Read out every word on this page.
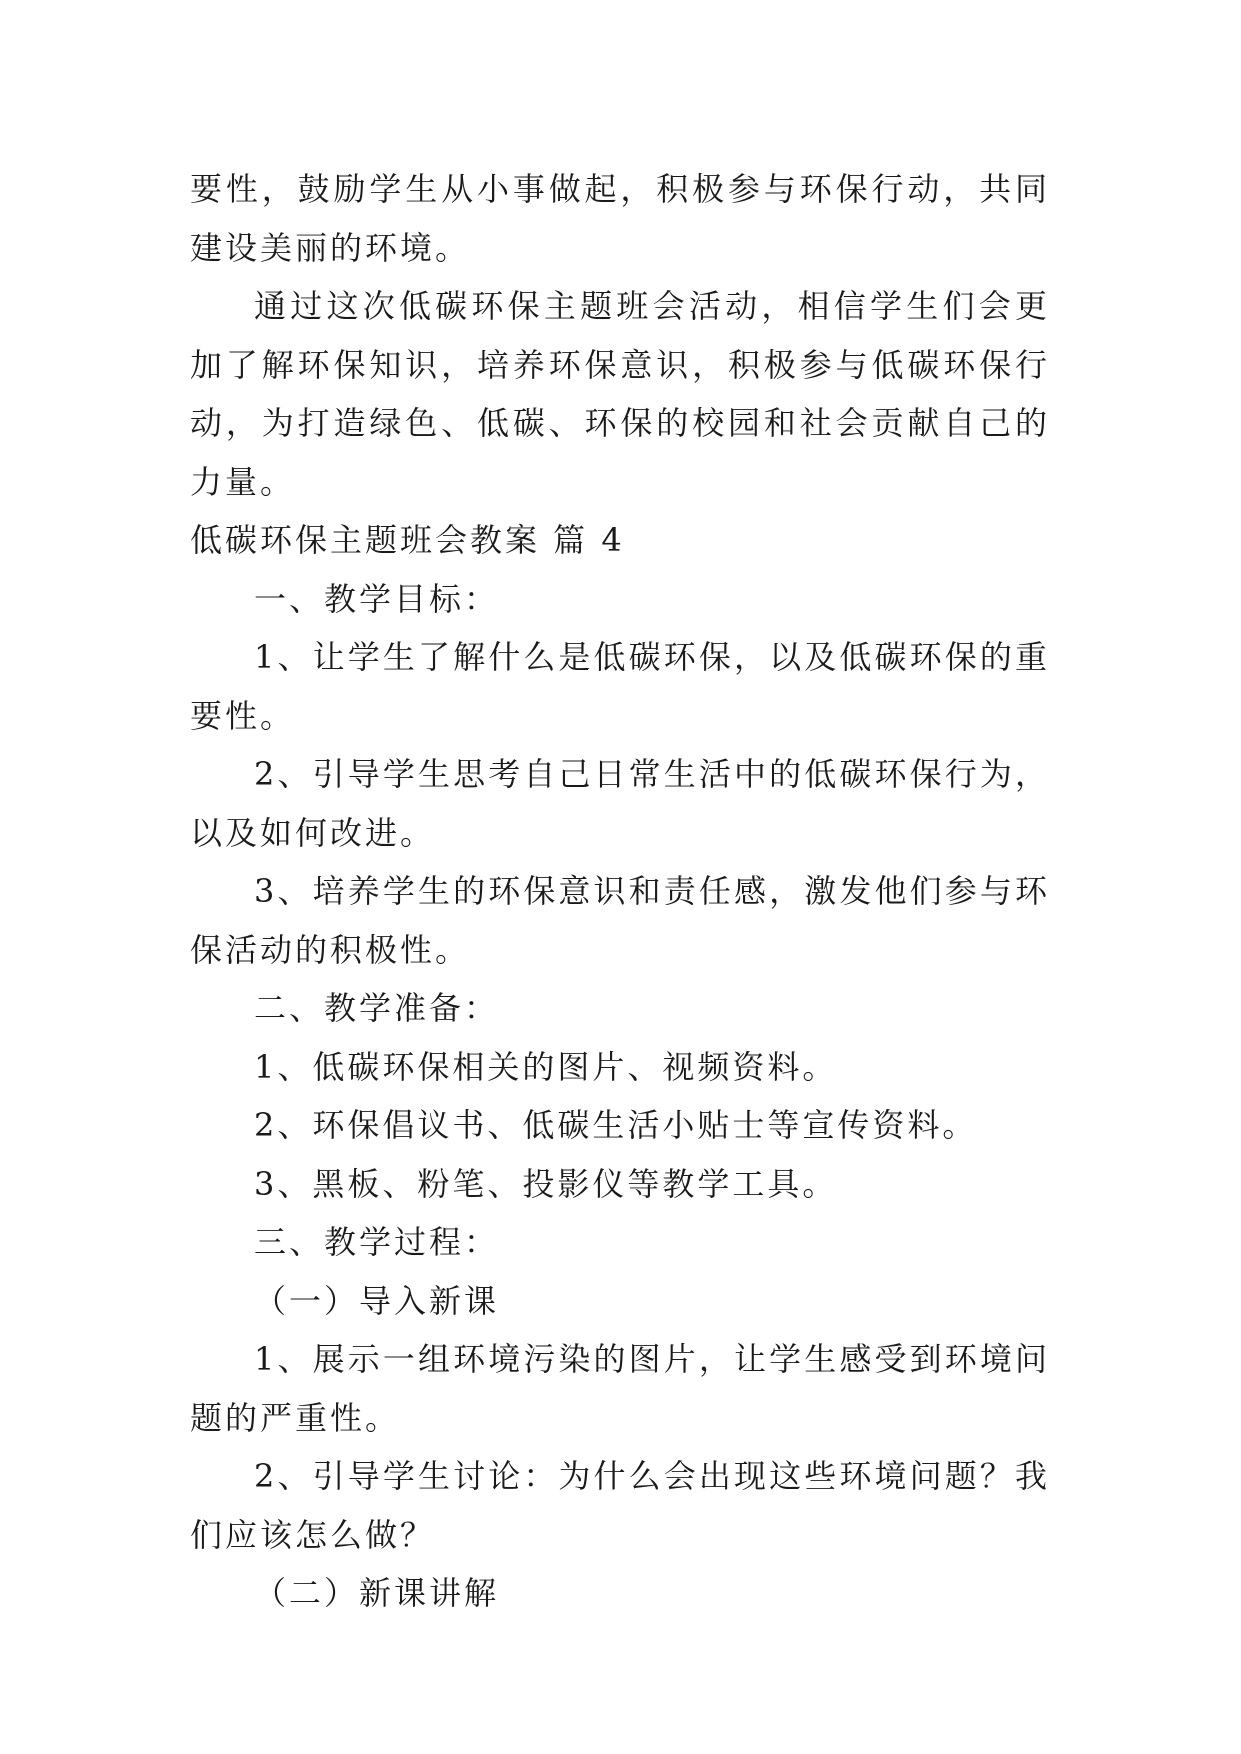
要性，鼓励学生从小事做起，积极参与环保行动，共同建设美丽的环境。

通过这次低碳环保主题班会活动，相信学生们会更加了解环保知识，培养环保意识，积极参与低碳环保行动，为打造绿色、低碳、环保的校园和社会贡献自己的力量。

低碳环保主题班会教案 篇 4

一、教学目标：

1、让学生了解什么是低碳环保，以及低碳环保的重要性。

2、引导学生思考自己日常生活中的低碳环保行为，以及如何改进。

3、培养学生的环保意识和责任感，激发他们参与环保活动的积极性。

二、教学准备：

1、低碳环保相关的图片、视频资料。

2、环保倡议书、低碳生活小贴士等宣传资料。

3、黑板、粉笔、投影仪等教学工具。

三、教学过程：

（一）导入新课

1、展示一组环境污染的图片，让学生感受到环境问题的严重性。

2、引导学生讨论：为什么会出现这些环境问题？我们应该怎么做？

（二）新课讲解
